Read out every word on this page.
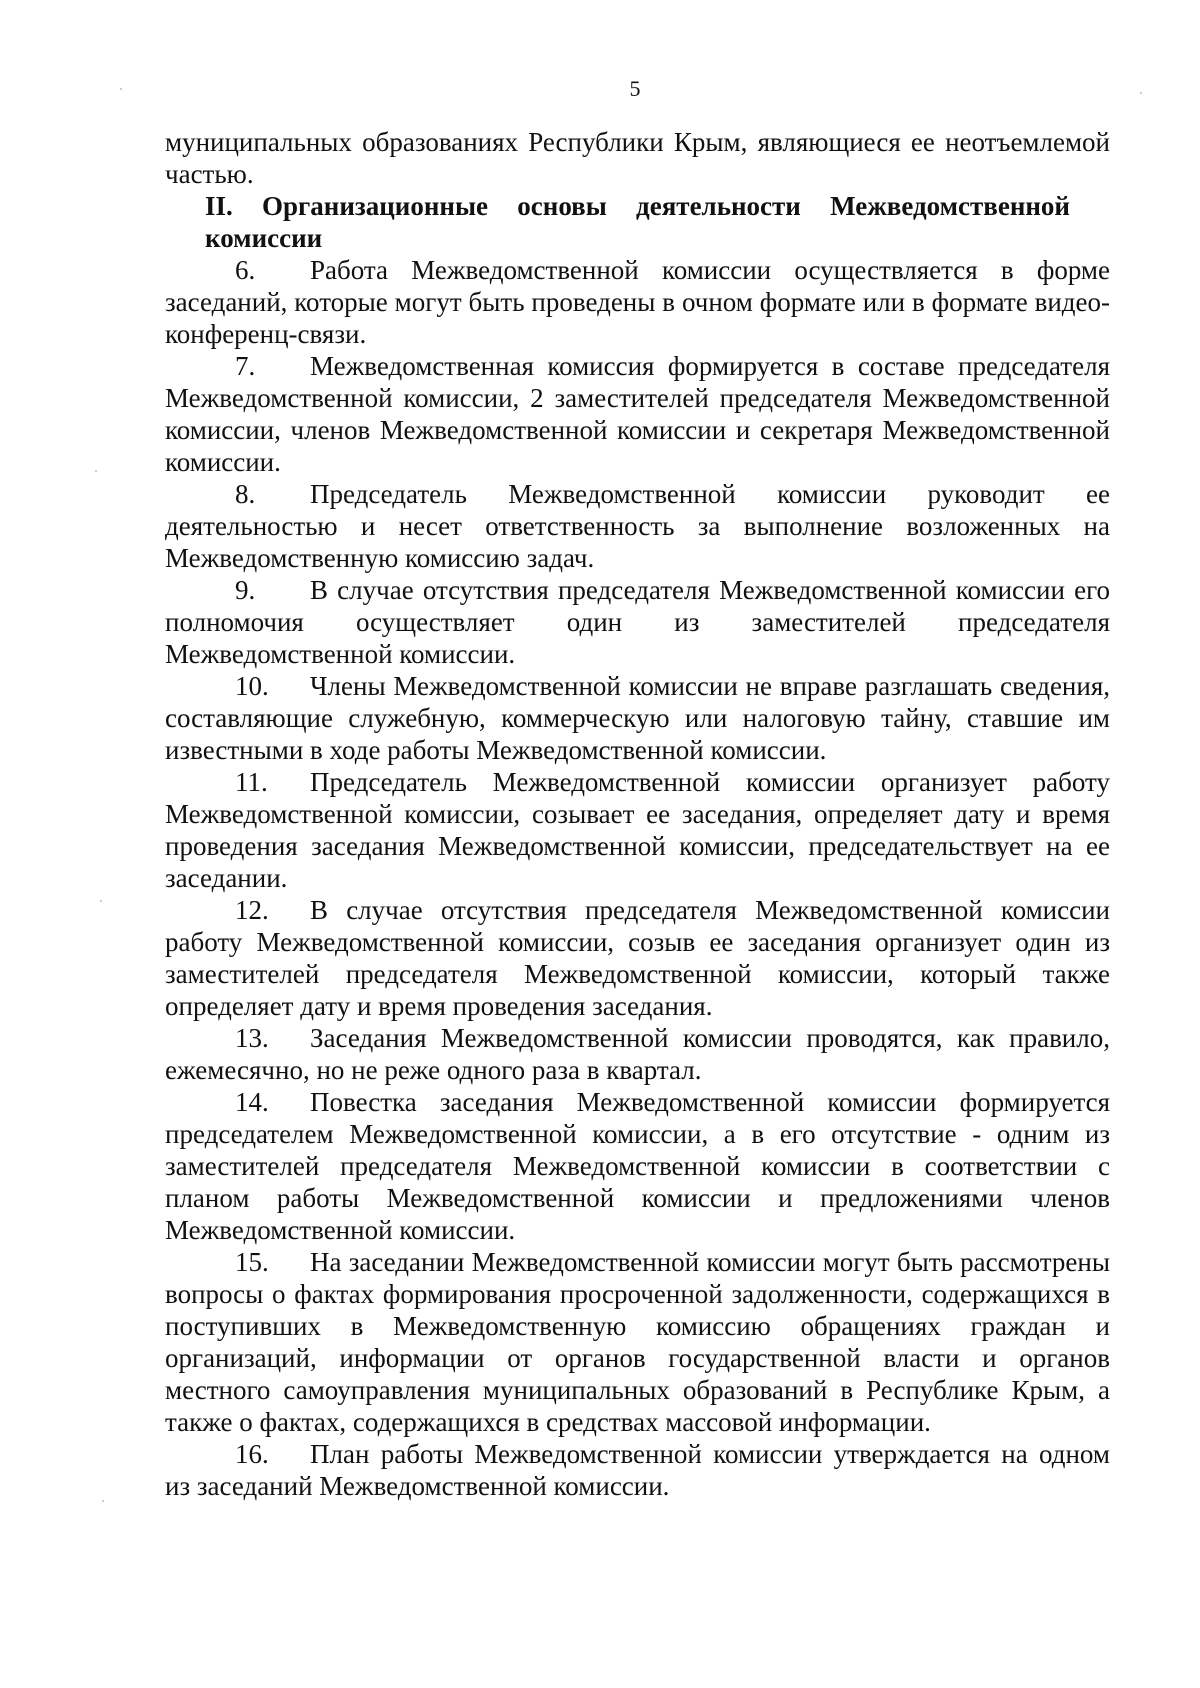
5

муниципальных образованиях Республики Крым, являющиеся ее неотъемлемой частью.

II. Организационные основы деятельности Межведомственной комиссии

6. Работа Межведомственной комиссии осуществляется в форме заседаний, которые могут быть проведены в очном формате или в формате видео-конференц-связи.

7. Межведомственная комиссия формируется в составе председателя Межведомственной комиссии, 2 заместителей председателя Межведомственной комиссии, членов Межведомственной комиссии и секретаря Межведомственной комиссии.

8. Председатель Межведомственной комиссии руководит ее деятельностью и несет ответственность за выполнение возложенных на Межведомственную комиссию задач.

9. В случае отсутствия председателя Межведомственной комиссии его полномочия осуществляет один из заместителей председателя Межведомственной комиссии.

10. Члены Межведомственной комиссии не вправе разглашать сведения, составляющие служебную, коммерческую или налоговую тайну, ставшие им известными в ходе работы Межведомственной комиссии.

11. Председатель Межведомственной комиссии организует работу Межведомственной комиссии, созывает ее заседания, определяет дату и время проведения заседания Межведомственной комиссии, председательствует на ее заседании.

12. В случае отсутствия председателя Межведомственной комиссии работу Межведомственной комиссии, созыв ее заседания организует один из заместителей председателя Межведомственной комиссии, который также определяет дату и время проведения заседания.

13. Заседания Межведомственной комиссии проводятся, как правило, ежемесячно, но не реже одного раза в квартал.

14. Повестка заседания Межведомственной комиссии формируется председателем Межведомственной комиссии, а в его отсутствие - одним из заместителей председателя Межведомственной комиссии в соответствии с планом работы Межведомственной комиссии и предложениями членов Межведомственной комиссии.

15. На заседании Межведомственной комиссии могут быть рассмотрены вопросы о фактах формирования просроченной задолженности, содержащихся в поступивших в Межведомственную комиссию обращениях граждан и организаций, информации от органов государственной власти и органов местного самоуправления муниципальных образований в Республике Крым, а также о фактах, содержащихся в средствах массовой информации.

16. План работы Межведомственной комиссии утверждается на одном из заседаний Межведомственной комиссии.
